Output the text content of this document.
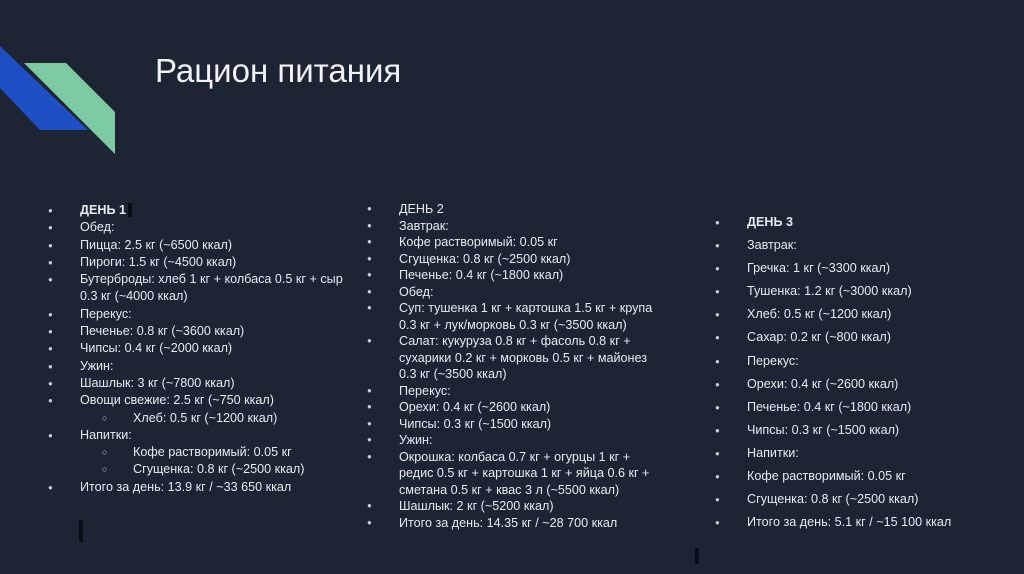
Рацион питания
● ДЕНЬ 1
● Обед:
● Пицца: 2.5 кг (~6500 ккал)
● Пироги: 1.5 кг (~4500 ккал)
● Бутерброды: хлеб 1 кг + колбаса 0.5 кг + сыр
0.3 кг (~4000 ккал)
● Перекус:
● Печенье: 0.8 кг (~3600 ккал)
● Чипсы: 0.4 кг (~2000 ккал)
● Ужин:
● Шашлык: 3 кг (~7800 ккал)
● Овощи свежие: 2.5 кг (~750 ккал)
○ Хлеб: 0.5 кг (~1200 ккал)
● Напитки:
○ Кофе растворимый: 0.05 кг
○ Сгущенка: 0.8 кг (~2500 ккал)
● Итого за день: 13.9 кг / ~33 650 ккал
● ДЕНЬ 2
● Завтрак:
● Кофе растворимый: 0.05 кг
● Сгущенка: 0.8 кг (~2500 ккал)
● Печенье: 0.4 кг (~1800 ккал)
● Обед:
● Суп: тушенка 1 кг + картошка 1.5 кг + крупа
0.3 кг + лук/морковь 0.3 кг (~3500 ккал)
● Салат: кукуруза 0.8 кг + фасоль 0.8 кг +
сухарики 0.2 кг + морковь 0.5 кг + майонез
0.3 кг (~3500 ккал)
● Перекус:
● Орехи: 0.4 кг (~2600 ккал)
● Чипсы: 0.3 кг (~1500 ккал)
● Ужин:
● Окрошка: колбаса 0.7 кг + огурцы 1 кг +
редис 0.5 кг + картошка 1 кг + яйца 0.6 кг +
сметана 0.5 кг + квас 3 л (~5500 ккал)
● Шашлык: 2 кг (~5200 ккал)
● Итого за день: 14.35 кг / ~28 700 ккал
● ДЕНЬ 3
● Завтрак:
● Гречка: 1 кг (~3300 ккал)
● Тушенка: 1.2 кг (~3000 ккал)
● Хлеб: 0.5 кг (~1200 ккал)
● Сахар: 0.2 кг (~800 ккал)
● Перекус:
● Орехи: 0.4 кг (~2600 ккал)
● Печенье: 0.4 кг (~1800 ккал)
● Чипсы: 0.3 кг (~1500 ккал)
● Напитки:
● Кофе растворимый: 0.05 кг
● Сгущенка: 0.8 кг (~2500 ккал)
● Итого за день: 5.1 кг / ~15 100 ккал
